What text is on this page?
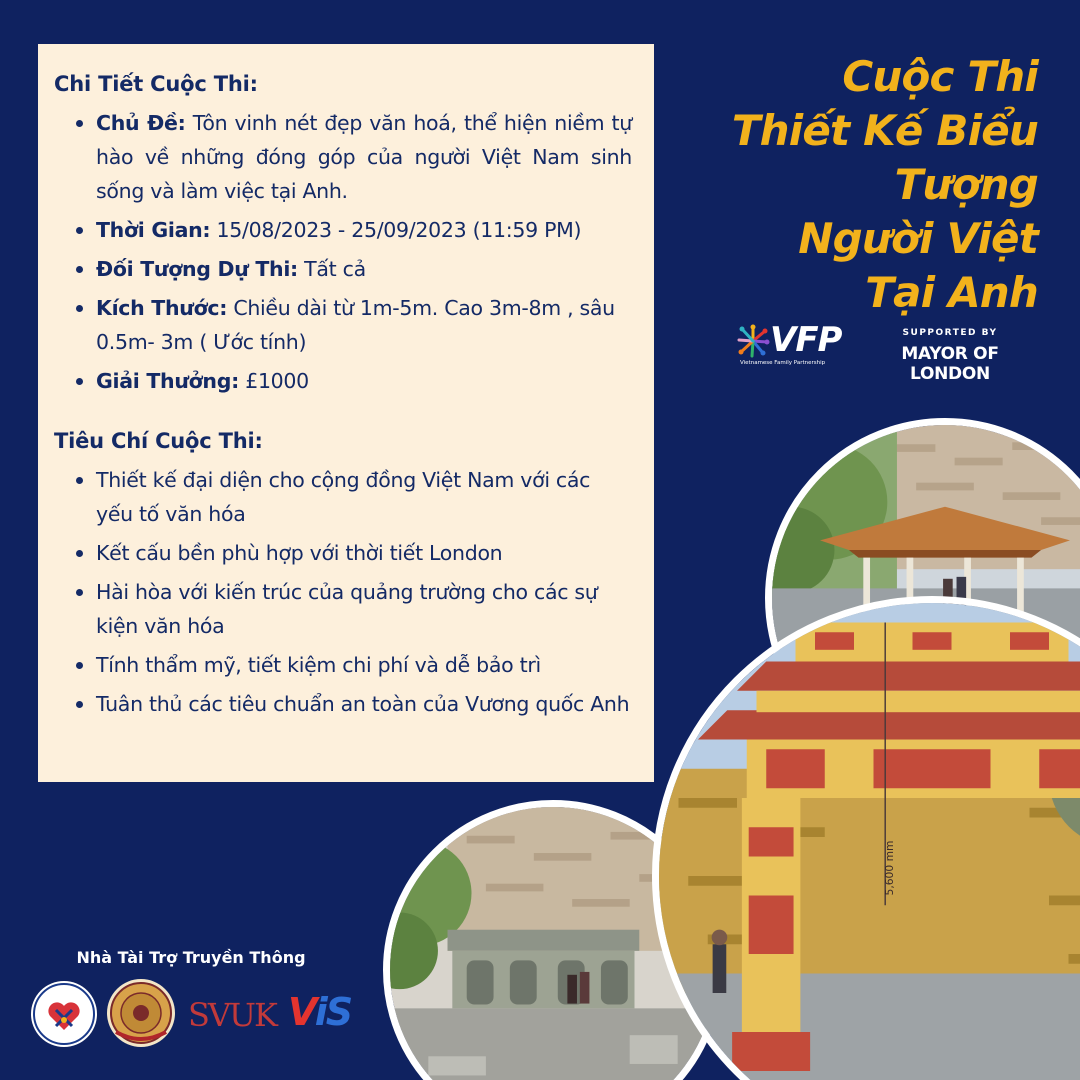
Chi Tiết Cuộc Thi:
Chủ Đề: Tôn vinh nét đẹp văn hoá, thể hiện niềm tự hào về những đóng góp của người Việt Nam sinh sống và làm việc tại Anh.
Thời Gian: 15/08/2023 - 25/09/2023 (11:59 PM)
Đối Tượng Dự Thi: Tất cả
Kích Thước: Chiều dài từ 1m-5m. Cao 3m-8m , sâu 0.5m- 3m ( Ước tính)
Giải Thưởng: £1000
Tiêu Chí Cuộc Thi:
Thiết kế đại diện cho cộng đồng Việt Nam với các yếu tố văn hóa
Kết cấu bền phù hợp với thời tiết London
Hài hòa với kiến trúc của quảng trường cho các sự kiện văn hóa
Tính thẩm mỹ, tiết kiệm chi phí và dễ bảo trì
Tuân thủ các tiêu chuẩn an toàn của Vương quốc Anh
Cuộc Thi
Thiết Kế Biểu
Tượng
Người Việt
Tại Anh
VFP
Vietnamese Family Partnership
SUPPORTED BY
MAYOR OF LONDON
5,600 mm
Nhà Tài Trợ Truyền Thông
SVUK ViS
